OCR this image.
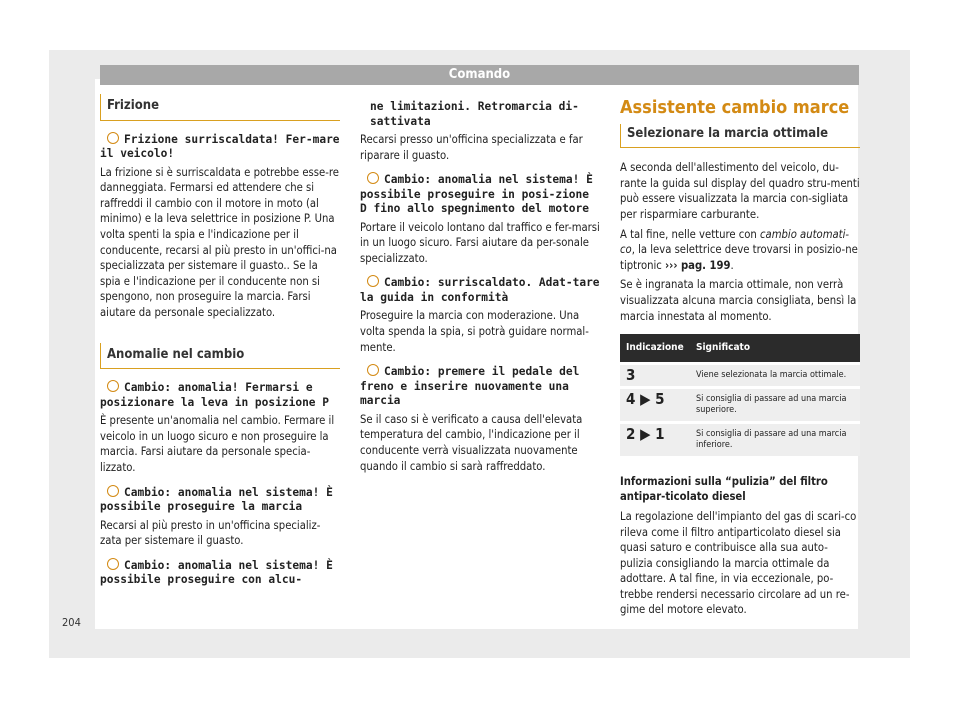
Comando
Frizione
Frizione surriscaldata! Fer-mare il veicolo!

La frizione si è surriscaldata e potrebbe esse-re danneggiata. Fermarsi ed attendere che si raffreddi il cambio con il motore in moto (al minimo) e la leva selettrice in posizione P. Una volta spenti la spia e l'indicazione per il conducente, recarsi al più presto in un'offici-na specializzata per sistemare il guasto.. Se la spia e l'indicazione per il conducente non si spengono, non proseguire la marcia. Farsi aiutare da personale specializzato.

Anomalie nel cambio
Cambio: anomalia! Fermarsi e posizionare la leva in posizione P

È presente un'anomalia nel cambio. Fermare il veicolo in un luogo sicuro e non proseguire la marcia. Farsi aiutare da personale specia-lizzato.

Cambio: anomalia nel sistema! È possibile proseguire la marcia

Recarsi al più presto in un'officina specializ-zata per sistemare il guasto.

Cambio: anomalia nel sistema! È possibile proseguire con alcu-
ne limitazioni. Retromarcia di-sattivata

Recarsi presso un'officina specializzata e far riparare il guasto.

Cambio: anomalia nel sistema! È possibile proseguire in posi-zione D fino allo spegnimento del motore

Portare il veicolo lontano dal traffico e fer-marsi in un luogo sicuro. Farsi aiutare da per-sonale specializzato.

Cambio: surriscaldato. Adat-tare la guida in conformità

Proseguire la marcia con moderazione. Una volta spenda la spia, si potrà guidare normal-mente.

Cambio: premere il pedale del freno e inserire nuovamente una marcia

Se il caso si è verificato a causa dell'elevata temperatura del cambio, l'indicazione per il conducente verrà visualizzata nuovamente quando il cambio si sarà raffreddato.

Assistente cambio marce
Selezionare la marcia ottimale

A seconda dell'allestimento del veicolo, du-rante la guida sul display del quadro stru-menti può essere visualizzata la marcia con-sigliata per risparmiare carburante.

A tal fine, nelle vetture con cambio automati-co, la leva selettrice deve trovarsi in posizio-ne tiptronic ››› pag. 199.

Se è ingranata la marcia ottimale, non verrà visualizzata alcuna marcia consigliata, bensì la marcia innestata al momento.

Indicazione	Significato
3	Viene selezionata la marcia ottimale.
4 ▶ 5	Si consiglia di passare ad una marcia superiore.
2 ▶ 1	Si consiglia di passare ad una marcia inferiore.

Informazioni sulla “pulizia” del filtro antipar-ticolato diesel

La regolazione dell'impianto del gas di scari-co rileva come il filtro antiparticolato diesel sia quasi saturo e contribuisce alla sua auto-pulizia consigliando la marcia ottimale da adottare. A tal fine, in via eccezionale, po-trebbe rendersi necessario circolare ad un re-gime del motore elevato.

204
